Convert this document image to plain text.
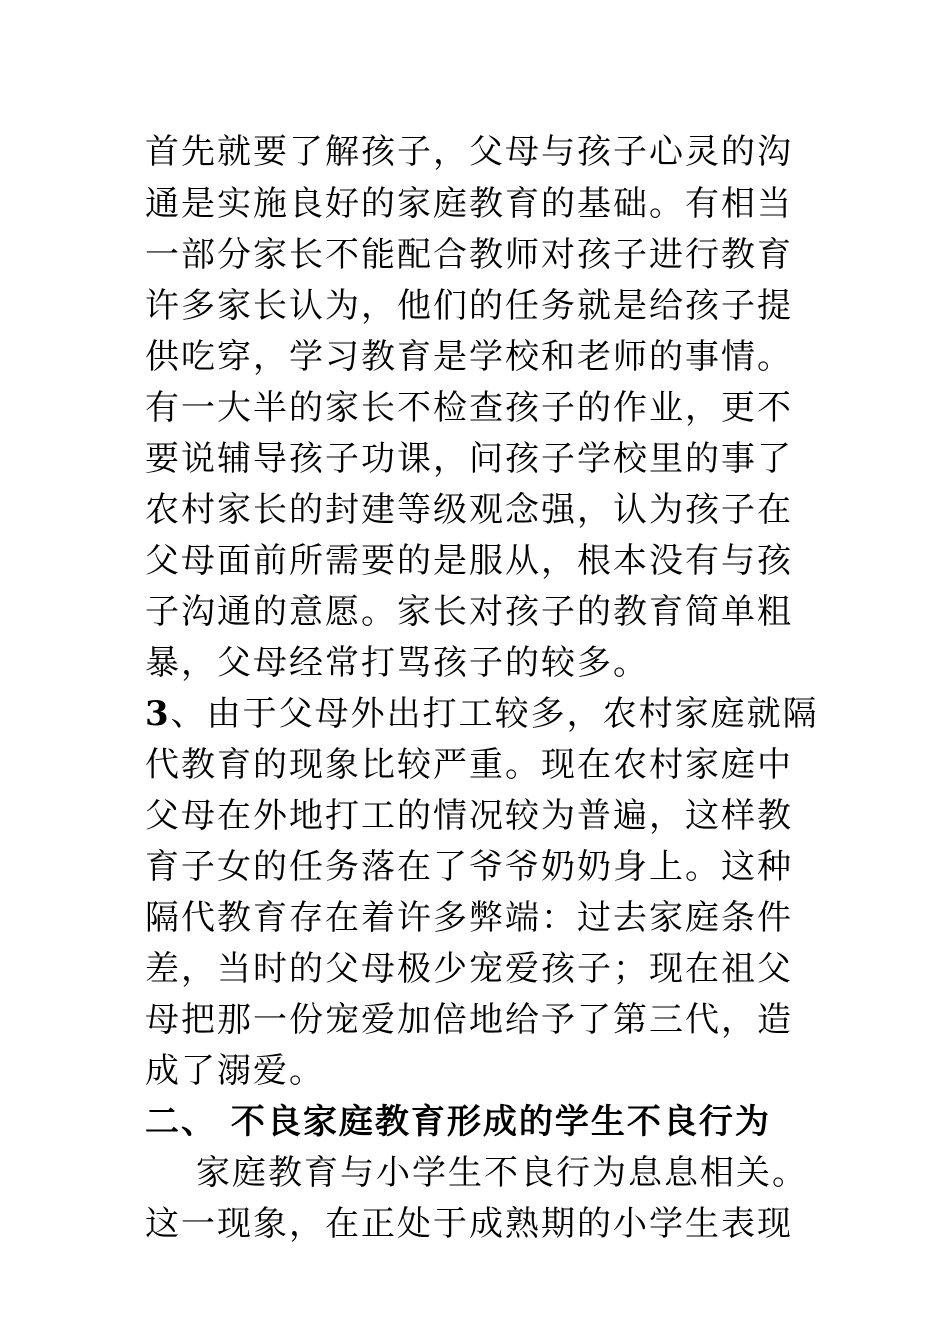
首先就要了解孩子，父母与孩子心灵的沟
通是实施良好的家庭教育的基础。有相当
一部分家长不能配合教师对孩子进行教育
许多家长认为，他们的任务就是给孩子提
供吃穿，学习教育是学校和老师的事情。
有一大半的家长不检查孩子的作业，更不
要说辅导孩子功课，问孩子学校里的事了
农村家长的封建等级观念强，认为孩子在
父母面前所需要的是服从，根本没有与孩
子沟通的意愿。家长对孩子的教育简单粗
暴，父母经常打骂孩子的较多。
3、由于父母外出打工较多，农村家庭就隔
代教育的现象比较严重。现在农村家庭中
父母在外地打工的情况较为普遍，这样教
育子女的任务落在了爷爷奶奶身上。这种
隔代教育存在着许多弊端：过去家庭条件
差，当时的父母极少宠爱孩子；现在祖父
母把那一份宠爱加倍地给予了第三代，造
成了溺爱。
二、 不良家庭教育形成的学生不良行为
家庭教育与小学生不良行为息息相关。
这一现象，在正处于成熟期的小学生表现
